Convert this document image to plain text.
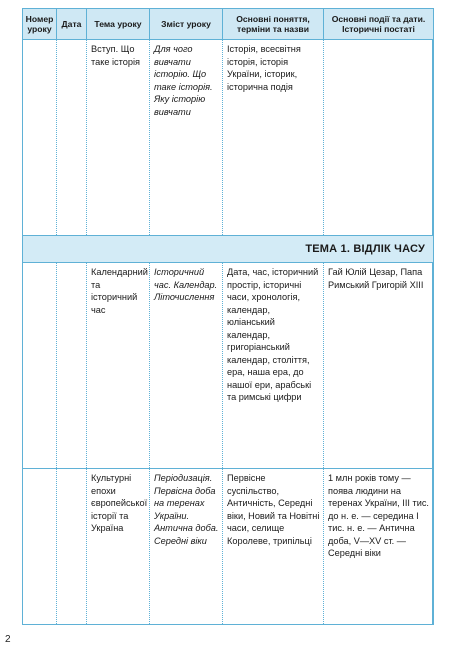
Номер уроку	Дата	Тема уроку	Зміст уроку	Основні поняття, терміни та назви	Основні події та дати. Історичні постаті

		Вступ. Що таке історія	Для чого вивчати історію. Що таке історія. Яку історію вивчати	Історія, всесвітня історія, історія України, історик, історична подія	

ТЕМА 1. ВІДЛІК ЧАСУ					

		Календарний та історичний час	Історичний час. Календар. Літочислення	Дата, час, історичний простір, історичні часи, хронологія, календар, юліанський календар, григоріанський календар, століття, ера, наша ера, до нашої ери, арабські та римські цифри	Гай Юлій Цезар, Папа Римський Григорій XIII

		Культурні епохи європейської історії та Україна	Періодизація. Первісна доба на теренах України. Антична доба. Середні віки	Первісне суспільство, Античність, Середні віки, Новий та Новітні часи, селище Королеве, трипільці	1 млн років тому — поява людини на теренах України, ІІІ тис. до н. е. — середина І тис. н. е. — Антична доба, V—XV ст. — Середні віки
2
